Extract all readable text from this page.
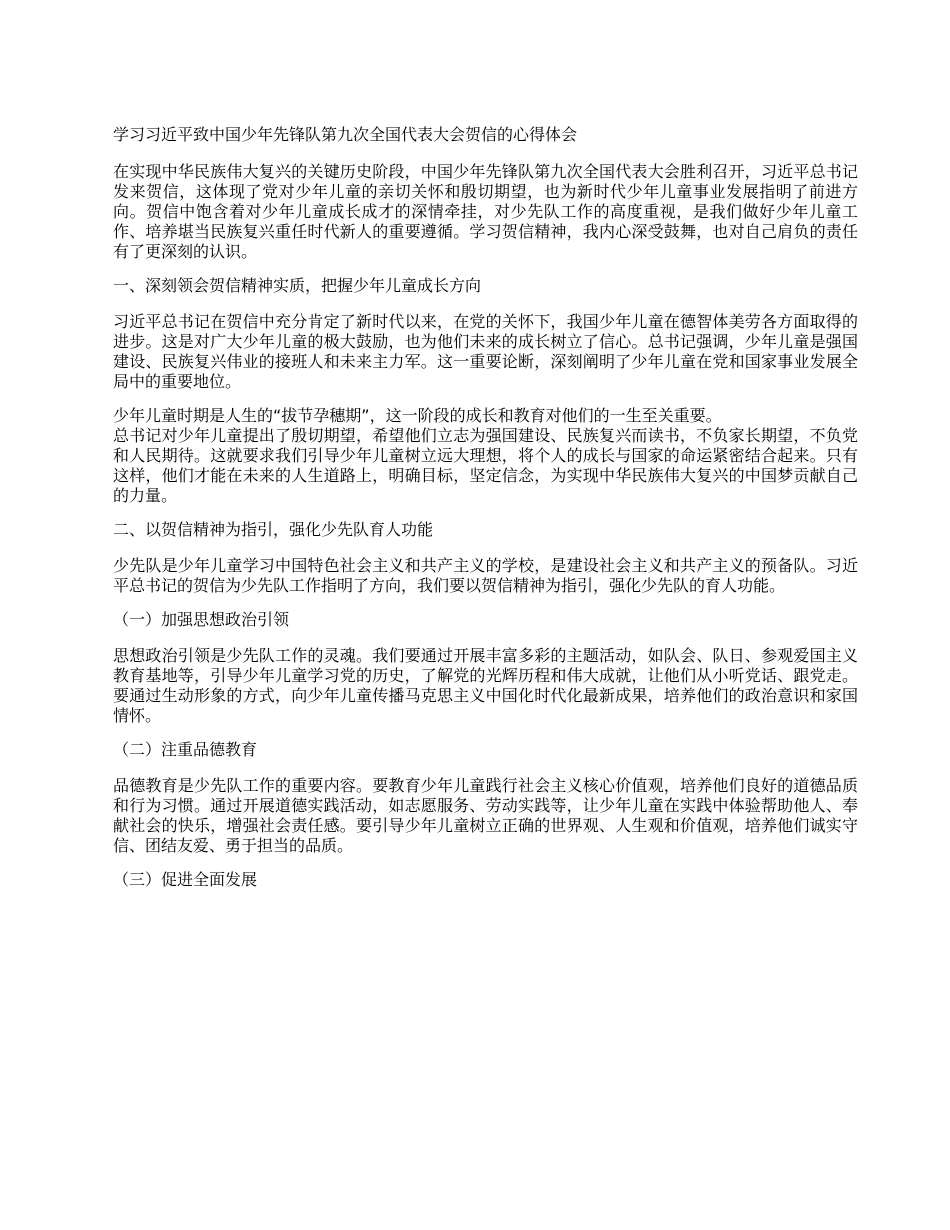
学习习近平致中国少年先锋队第九次全国代表大会贺信的心得体会

在实现中华民族伟大复兴的关键历史阶段，中国少年先锋队第九次全国代表大会胜利召开，习近平总书记发来贺信，这体现了党对少年儿童的亲切关怀和殷切期望，也为新时代少年儿童事业发展指明了前进方向。贺信中饱含着对少年儿童成长成才的深情牵挂，对少先队工作的高度重视，是我们做好少年儿童工作、培养堪当民族复兴重任时代新人的重要遵循。学习贺信精神，我内心深受鼓舞，也对自己肩负的责任有了更深刻的认识。

一、深刻领会贺信精神实质，把握少年儿童成长方向

习近平总书记在贺信中充分肯定了新时代以来，在党的关怀下，我国少年儿童在德智体美劳各方面取得的进步。这是对广大少年儿童的极大鼓励，也为他们未来的成长树立了信心。总书记强调，少年儿童是强国建设、民族复兴伟业的接班人和未来主力军。这一重要论断，深刻阐明了少年儿童在党和国家事业发展全局中的重要地位。

少年儿童时期是人生的“拔节孕穗期”，这一阶段的成长和教育对他们的一生至关重要。

总书记对少年儿童提出了殷切期望，希望他们立志为强国建设、民族复兴而读书，不负家长期望，不负党和人民期待。这就要求我们引导少年儿童树立远大理想，将个人的成长与国家的命运紧密结合起来。只有这样，他们才能在未来的人生道路上，明确目标，坚定信念，为实现中华民族伟大复兴的中国梦贡献自己的力量。

二、以贺信精神为指引，强化少先队育人功能

少先队是少年儿童学习中国特色社会主义和共产主义的学校，是建设社会主义和共产主义的预备队。习近平总书记的贺信为少先队工作指明了方向，我们要以贺信精神为指引，强化少先队的育人功能。

（一）加强思想政治引领

思想政治引领是少先队工作的灵魂。我们要通过开展丰富多彩的主题活动，如队会、队日、参观爱国主义教育基地等，引导少年儿童学习党的历史，了解党的光辉历程和伟大成就，让他们从小听党话、跟党走。要通过生动形象的方式，向少年儿童传播马克思主义中国化时代化最新成果，培养他们的政治意识和家国情怀。

（二）注重品德教育

品德教育是少先队工作的重要内容。要教育少年儿童践行社会主义核心价值观，培养他们良好的道德品质和行为习惯。通过开展道德实践活动，如志愿服务、劳动实践等，让少年儿童在实践中体验帮助他人、奉献社会的快乐，增强社会责任感。要引导少年儿童树立正确的世界观、人生观和价值观，培养他们诚实守信、团结友爱、勇于担当的品质。

（三）促进全面发展
